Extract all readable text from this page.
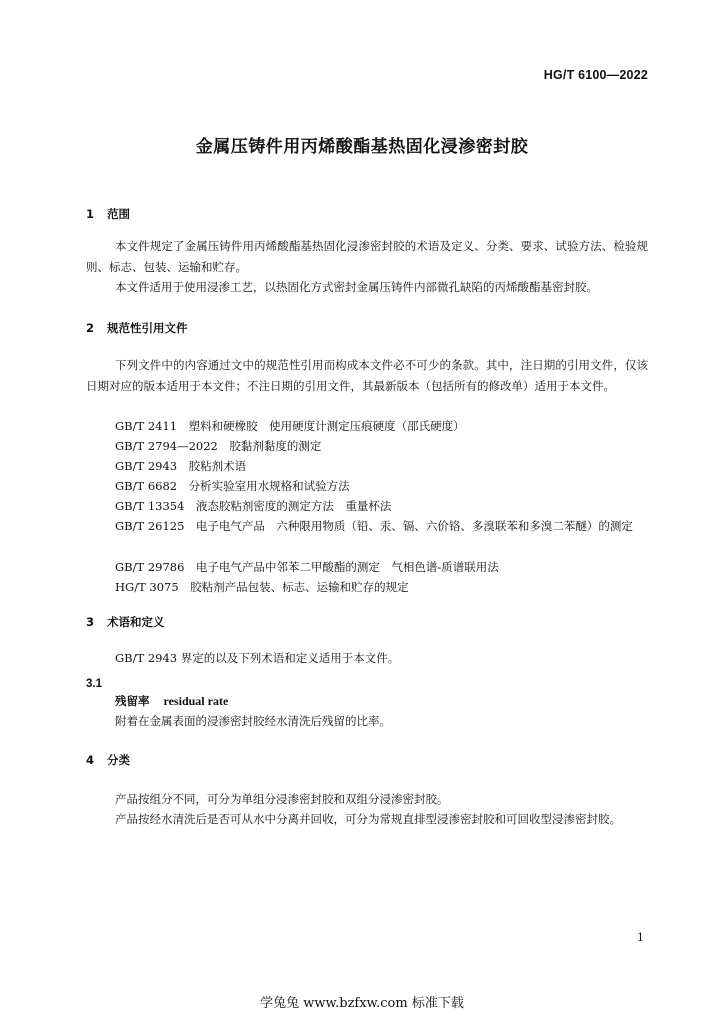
HG/T 6100—2022
金属压铸件用丙烯酸酯基热固化浸渗密封胶
1 范围
本文件规定了金属压铸件用丙烯酸酯基热固化浸渗密封胶的术语及定义、分类、要求、试验方法、检验规则、标志、包装、运输和贮存。
本文件适用于使用浸渗工艺，以热固化方式密封金属压铸件内部微孔缺陷的丙烯酸酯基密封胶。
2 规范性引用文件
下列文件中的内容通过文中的规范性引用而构成本文件必不可少的条款。其中，注日期的引用文件，仅该日期对应的版本适用于本文件；不注日期的引用文件，其最新版本（包括所有的修改单）适用于本文件。
GB/T 2411　塑料和硬橡胶　使用硬度计测定压痕硬度（邵氏硬度）
GB/T 2794—2022　胶黏剂黏度的测定
GB/T 2943　胶粘剂术语
GB/T 6682　分析实验室用水规格和试验方法
GB/T 13354　液态胶粘剂密度的测定方法　重量杯法
GB/T 26125　电子电气产品　六种限用物质（铅、汞、镉、六价铬、多溴联苯和多溴二苯醚）的测定
GB/T 29786　电子电气产品中邻苯二甲酸酯的测定　气相色谱-质谱联用法
HG/T 3075　胶粘剂产品包装、标志、运输和贮存的规定
3 术语和定义
GB/T 2943 界定的以及下列术语和定义适用于本文件。
3.1
残留率 residual rate
附着在金属表面的浸渗密封胶经水清洗后残留的比率。
4 分类
产品按组分不同，可分为单组分浸渗密封胶和双组分浸渗密封胶。
产品按经水清洗后是否可从水中分离并回收，可分为常规直排型浸渗密封胶和可回收型浸渗密封胶。
1
学兔兔 www.bzfxw.com 标准下载
